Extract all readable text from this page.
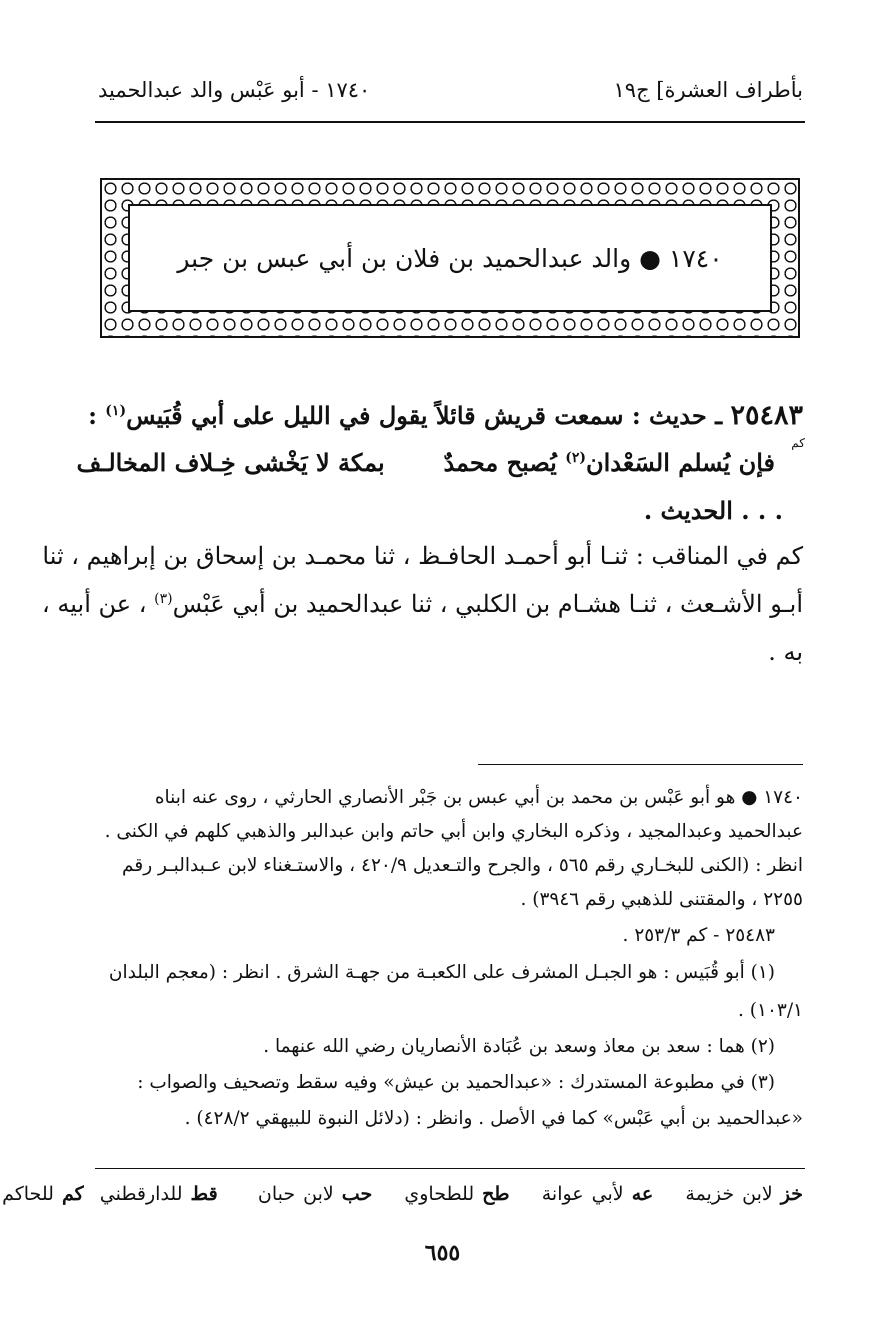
١٧٤٠ - أبو عَبْس والد عبدالحميد	بأطراف العشرة] ج١٩
١٧٤٠ ● والد عبدالحميد بن فلان بن أبي عبس بن جبر
٢٥٤٨٣ ـ حديث : سمعت قريش قائلاً يقول في الليل على أبي قُبَيس$^{(١)}$ :
كم
فإن يُسلم السَعْدان$^{(٢)}$ يُصبح محمدٌ  بمكة لا يَخْشى خِـلاف المخالـف
. . . الحديث .
كم في المناقب : ثنـا أبو أحمـد الحافـظ ، ثنا محمـد بن إسحاق بن إبراهيم ، ثنا
أبـو الأشـعث ، ثنـا هشـام بن الكلبي ، ثنا عبدالحميد بن أبي عَبْس$^{(٣)}$ ، عن أبيه ،
به .
١٧٤٠ ● هو أبو عَبْس بن محمد بن أبي عبس بن جَبْر الأنصاري الحارثي ، روى عنه ابناه
عبدالحميد وعبدالمجيد ، وذكره البخاري وابن أبي حاتم وابن عبدالبر والذهبي كلهم في الكنى .
انظر : (الكنى للبخـاري رقم ٥٦٥ ، والجرح والتـعديل ٤٢٠/٩ ، والاستـغناء لابن عـبدالبـر رقم
٢٢٥٥ ، والمقتنى للذهبي رقم ٣٩٤٦) .
٢٥٤٨٣ - كم ٢٥٣/٣ .
(١) أبو قُبَيس : هو الجبـل المشرف على الكعبـة من جهـة الشرق . انظر : (معجم البلدان
١٠٣/١) .
(٢) هما : سعد بن معاذ وسعد بن عُبَادة الأنصاريان رضي الله عنهما .
(٣) في مطبوعة المستدرك : «عبدالحميد بن عيش» وفيه سقط وتصحيف والصواب :
«عبدالحميد بن أبي عَبْس» كما في الأصل . وانظر : (دلائل النبوة للبيهقي ٤٢٨/٢) .
خز لابن خزيمة    عه لأبي عوانة    طح للطحاوي    حب لابن حبان     قط للدارقطني  كم للحاكم
٦٥٥
